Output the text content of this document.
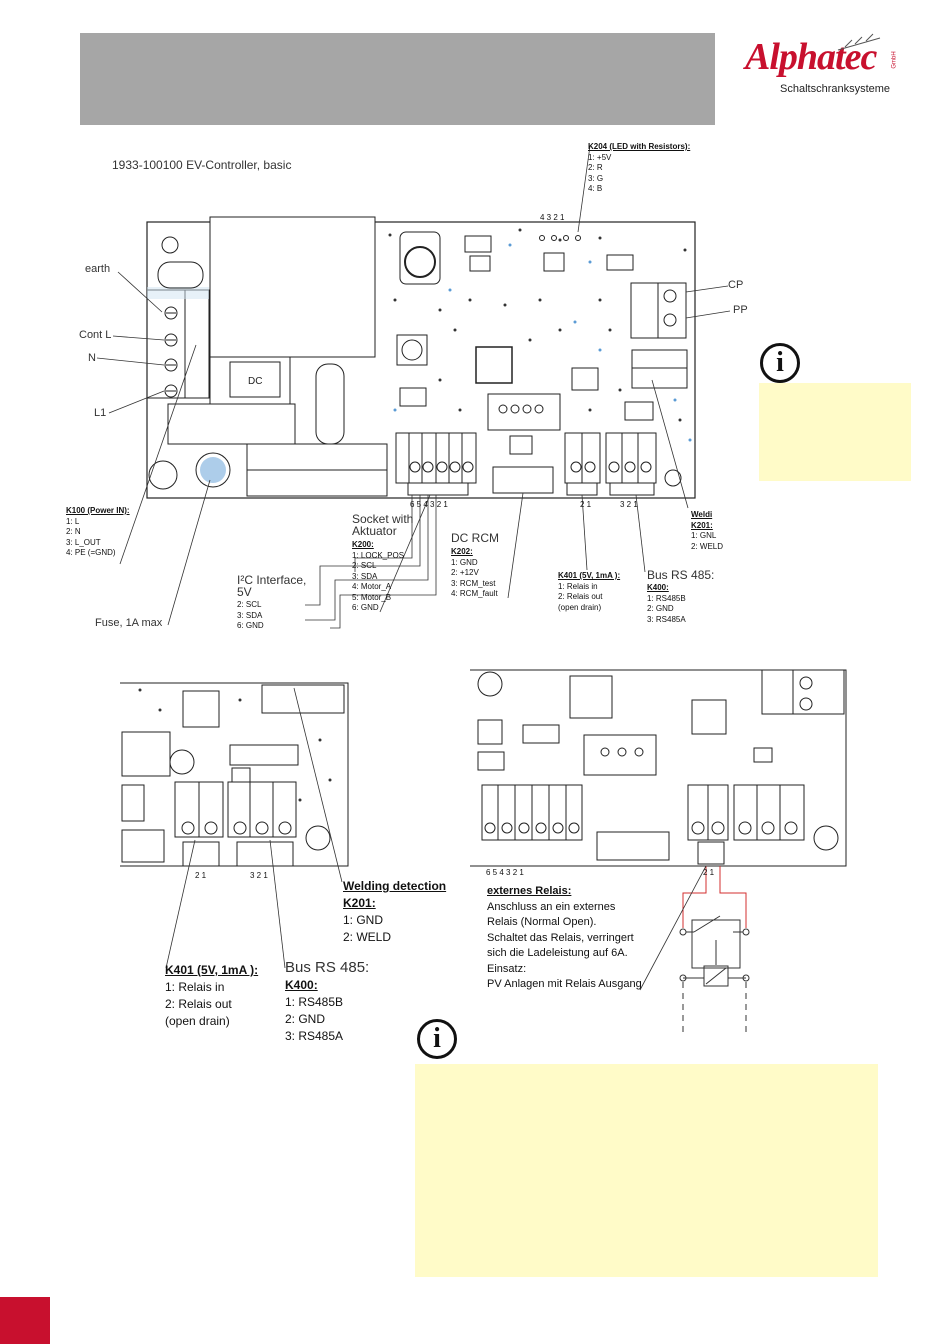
Alphatec	GmbH
Schaltschranksysteme
1933-100100 EV-Controller, basic
DC
K204 (LED with Resistors):
1: +5V
2: R
3: G
4: B
4 3 2 1
earth
Cont L
N
L1
CP
PP
i
K100 (Power IN):
1: L
2: N
3: L_OUT
4: PE (=GND)
Fuse, 1A max
6 5 4 3 2 1	2 1	3 2 1
Socket with
Aktuator
K200:
1: LOCK_POS
2: SCL
3: SDA
4: Motor_A
5: Motor_B
6: GND
I²C Interface,
5V
2: SCL
3: SDA
6: GND
DC RCM
K202:
1: GND
2: +12V
3: RCM_test
4: RCM_fault
K401 (5V, 1mA ):
1: Relais in
2: Relais out
(open drain)
Bus RS 485:
K400:
1: RS485B
2: GND
3: RS485A
Weldi
K201:
1: GNL
2: WELD
2 1	3 2 1
Welding detection
K201:
1: GND
2: WELD
K401 (5V, 1mA ):
1: Relais in
2: Relais out
(open drain)
Bus RS 485:
K400:
1: RS485B
2: GND
3: RS485A
6 5 4 3 2 1	2 1
externes Relais:
Anschluss an ein externes
Relais (Normal Open).
Schaltet das Relais, verringert
sich die Ladeleistung auf 6A.
Einsatz:
PV Anlagen mit Relais Ausgang
i
